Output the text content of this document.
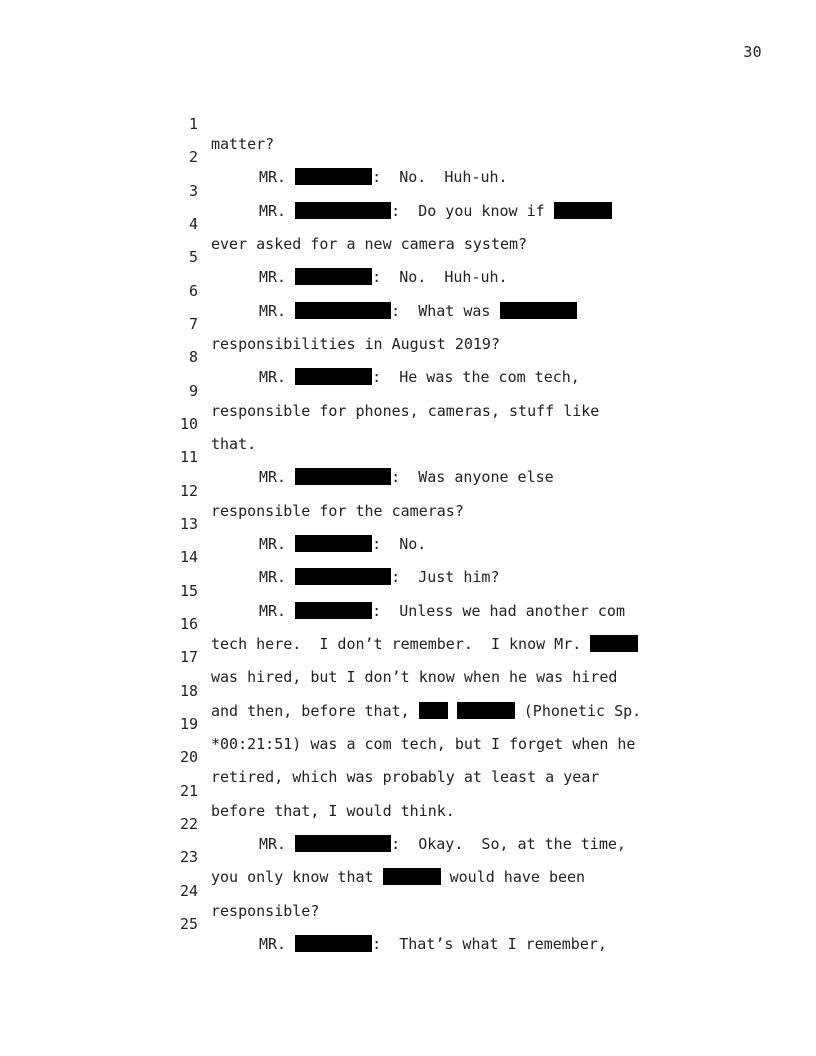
30

1

matter?

2

MR.	:  No.  Huh-uh.

3

MR.	:  Do you know if

4

ever asked for a new camera system?

5

MR.	:  No.  Huh-uh.

6

MR.	:  What was

7

responsibilities in August 2019?

8

MR.	:  He was the com tech,

9

responsible for phones, cameras, stuff like

10

that.

11

MR.	:  Was anyone else

12

responsible for the cameras?

13

MR.	:  No.

14

MR.	:  Just him?

15

MR.	:  Unless we had another com

16

tech here.  I don’t remember.  I know Mr.

17

was hired, but I don’t know when he was hired

18

and then, before that,	(Phonetic Sp.

19

*00:21:51) was a com tech, but I forget when he

20

retired, which was probably at least a year

21

before that, I would think.

22

MR.	:  Okay.  So, at the time,

23

you only know that	would have been

24

responsible?

25

MR.	:  That’s what I remember,
